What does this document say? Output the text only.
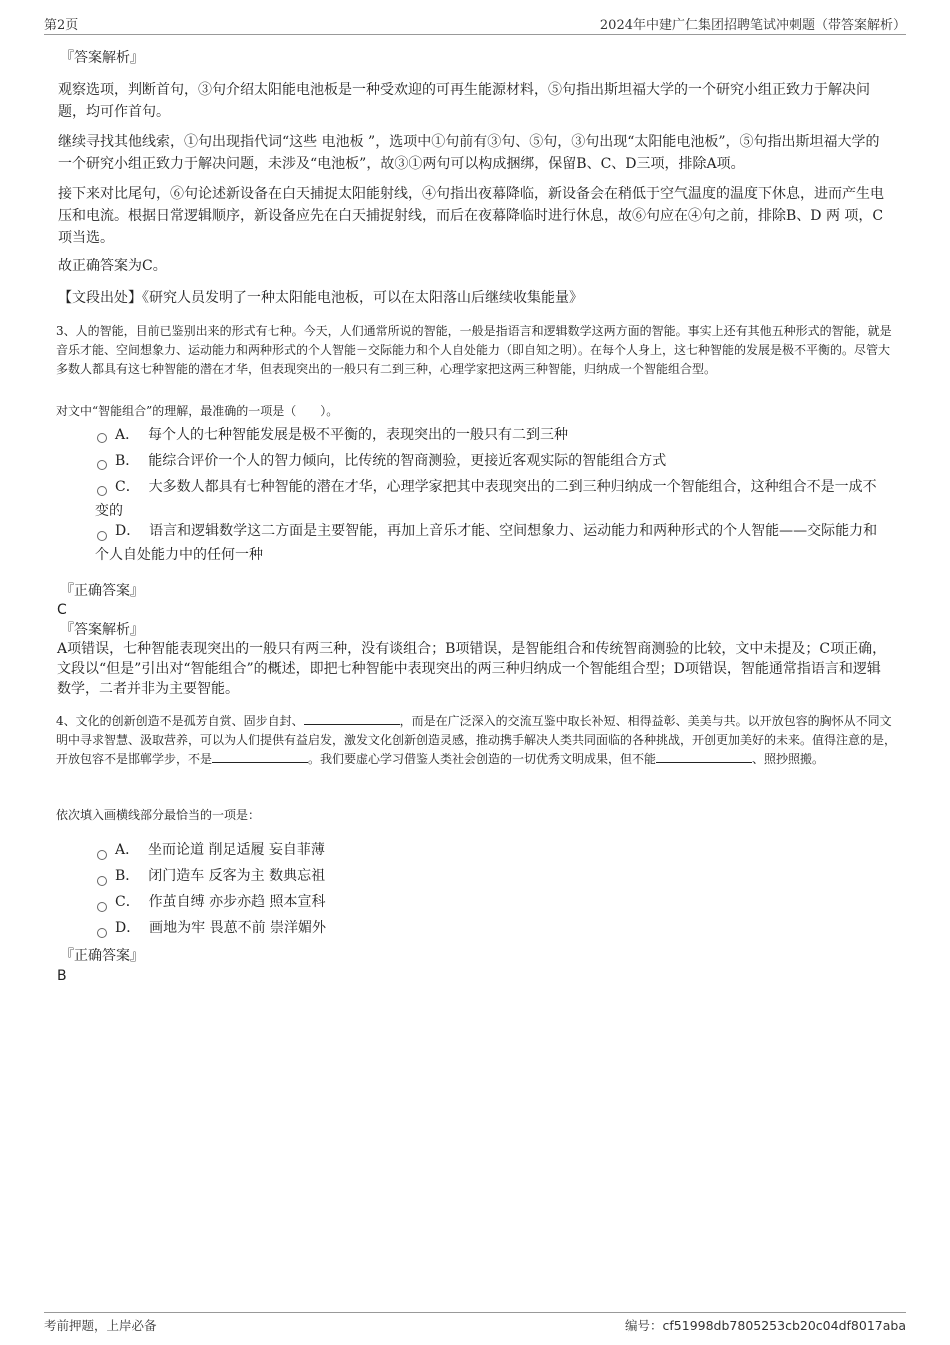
第2页	2024年中建广仁集团招聘笔试冲刺题（带答案解析）
『答案解析』
观察选项，判断首句，③句介绍太阳能电池板是一种受欢迎的可再生能源材料，⑤句指出斯坦福大学的一个研究小组正致力于解决问题，均可作首句。
继续寻找其他线索，①句出现指代词“这些 电池板 ”，选项中①句前有③句、⑤句，③句出现“太阳能电池板”，⑤句指出斯坦福大学的一个研究小组正致力于解决问题，未涉及“电池板”，故③①两句可以构成捆绑，保留B、C、D三项，排除A项。
接下来对比尾句，⑥句论述新设备在白天捕捉太阳能射线，④句指出夜幕降临，新设备会在稍低于空气温度的温度下休息，进而产生电压和电流。根据日常逻辑顺序，新设备应先在白天捕捉射线，而后在夜幕降临时进行休息，故⑥句应在④句之前，排除B、D 两 项，C项当选。
故正确答案为C。
【文段出处】《研究人员发明了一种太阳能电池板，可以在太阳落山后继续收集能量》
3、人的智能，目前已鉴别出来的形式有七种。今天，人们通常所说的智能，一般是指语言和逻辑数学这两方面的智能。事实上还有其他五种形式的智能，就是音乐才能、空间想象力、运动能力和两种形式的个人智能－交际能力和个人自处能力（即自知之明）。在每个人身上，这七种智能的发展是极不平衡的。尽管大多数人都具有这七种智能的潜在才华，但表现突出的一般只有二到三种，心理学家把这两三种智能，归纳成一个智能组合型。
对文中“智能组合”的理解，最准确的一项是（　　）。
A． 每个人的七种智能发展是极不平衡的，表现突出的一般只有二到三种
B． 能综合评价一个人的智力倾向，比传统的智商测验，更接近客观实际的智能组合方式
C． 大多数人都具有七种智能的潜在才华，心理学家把其中表现突出的二到三种归纳成一个智能组合，这种组合不是一成不变的
D． 语言和逻辑数学这二方面是主要智能，再加上音乐才能、空间想象力、运动能力和两种形式的个人智能——交际能力和个人自处能力中的任何一种
『正确答案』
C
『答案解析』
A项错误，七种智能表现突出的一般只有两三种，没有谈组合；B项错误，是智能组合和传统智商测验的比较，文中未提及；C项正确，文段以“但是”引出对“智能组合”的概述，即把七种智能中表现突出的两三种归纳成一个智能组合型；D项错误，智能通常指语言和逻辑数学，二者并非为主要智能。
4、文化的创新创造不是孤芳自赏、固步自封、	，而是在广泛深入的交流互鉴中取长补短、相得益彰、美美与共。以开放包容的胸怀从不同文明中寻求智慧、汲取营养，可以为人们提供有益启发，激发文化创新创造灵感，推动携手解决人类共同面临的各种挑战，开创更加美好的未来。值得注意的是，开放包容不是邯郸学步，不是	。我们要虚心学习借鉴人类社会创造的一切优秀文明成果，但不能	、照抄照搬。
依次填入画横线部分最恰当的一项是：
A． 坐而论道 削足适履 妄自菲薄
B． 闭门造车 反客为主 数典忘祖
C． 作茧自缚 亦步亦趋 照本宣科
D． 画地为牢 畏葸不前 崇洋媚外
『正确答案』
B
考前押题，上岸必备	编号：cf51998db7805253cb20c04df8017aba
